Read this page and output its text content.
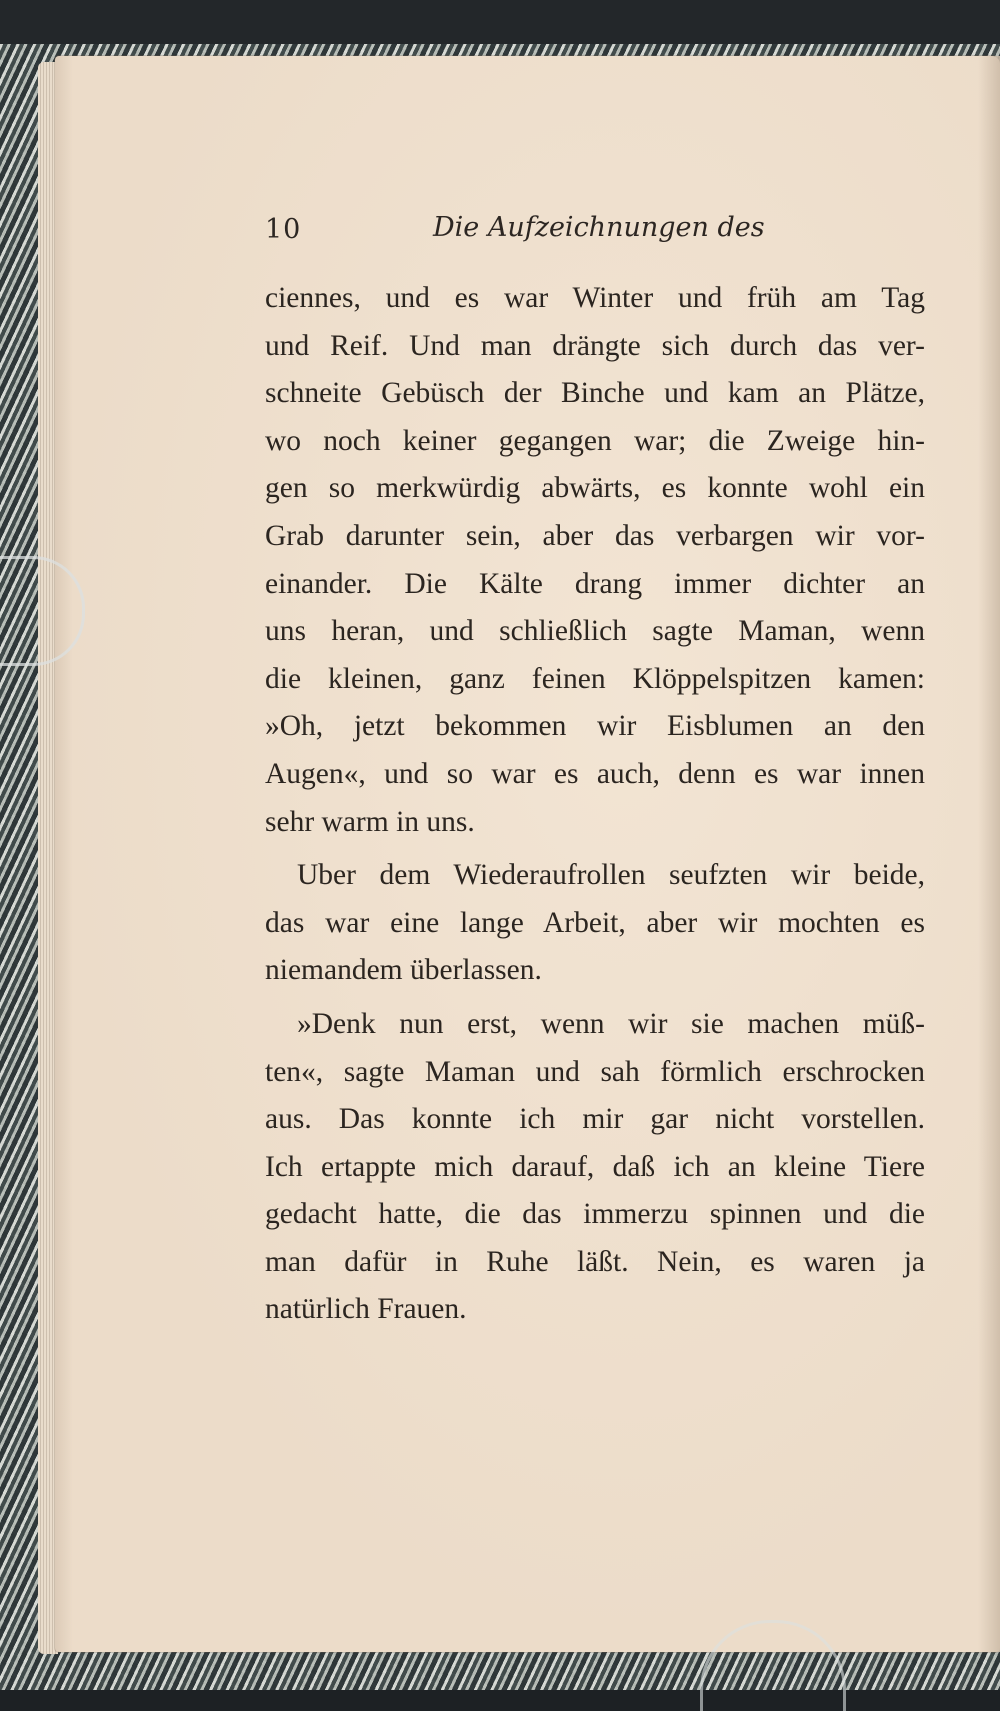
10	Die Aufzeichnungen des
ciennes, und es war Winter und früh am Tag
und Reif. Und man drängte sich durch das ver-
schneite Gebüsch der Binche und kam an Plätze,
wo noch keiner gegangen war; die Zweige hin-
gen so merkwürdig abwärts, es konnte wohl ein
Grab darunter sein, aber das verbargen wir vor-
einander. Die Kälte drang immer dichter an
uns heran, und schließlich sagte Maman, wenn
die kleinen, ganz feinen Klöppelspitzen kamen:
»Oh, jetzt bekommen wir Eisblumen an den
Augen«, und so war es auch, denn es war innen
sehr warm in uns.
Uber dem Wiederaufrollen seufzten wir beide,
das war eine lange Arbeit, aber wir mochten es
niemandem überlassen.
»Denk nun erst, wenn wir sie machen müß-
ten«, sagte Maman und sah förmlich erschrocken
aus. Das konnte ich mir gar nicht vorstellen.
Ich ertappte mich darauf, daß ich an kleine Tiere
gedacht hatte, die das immerzu spinnen und die
man dafür in Ruhe läßt. Nein, es waren ja
natürlich Frauen.
